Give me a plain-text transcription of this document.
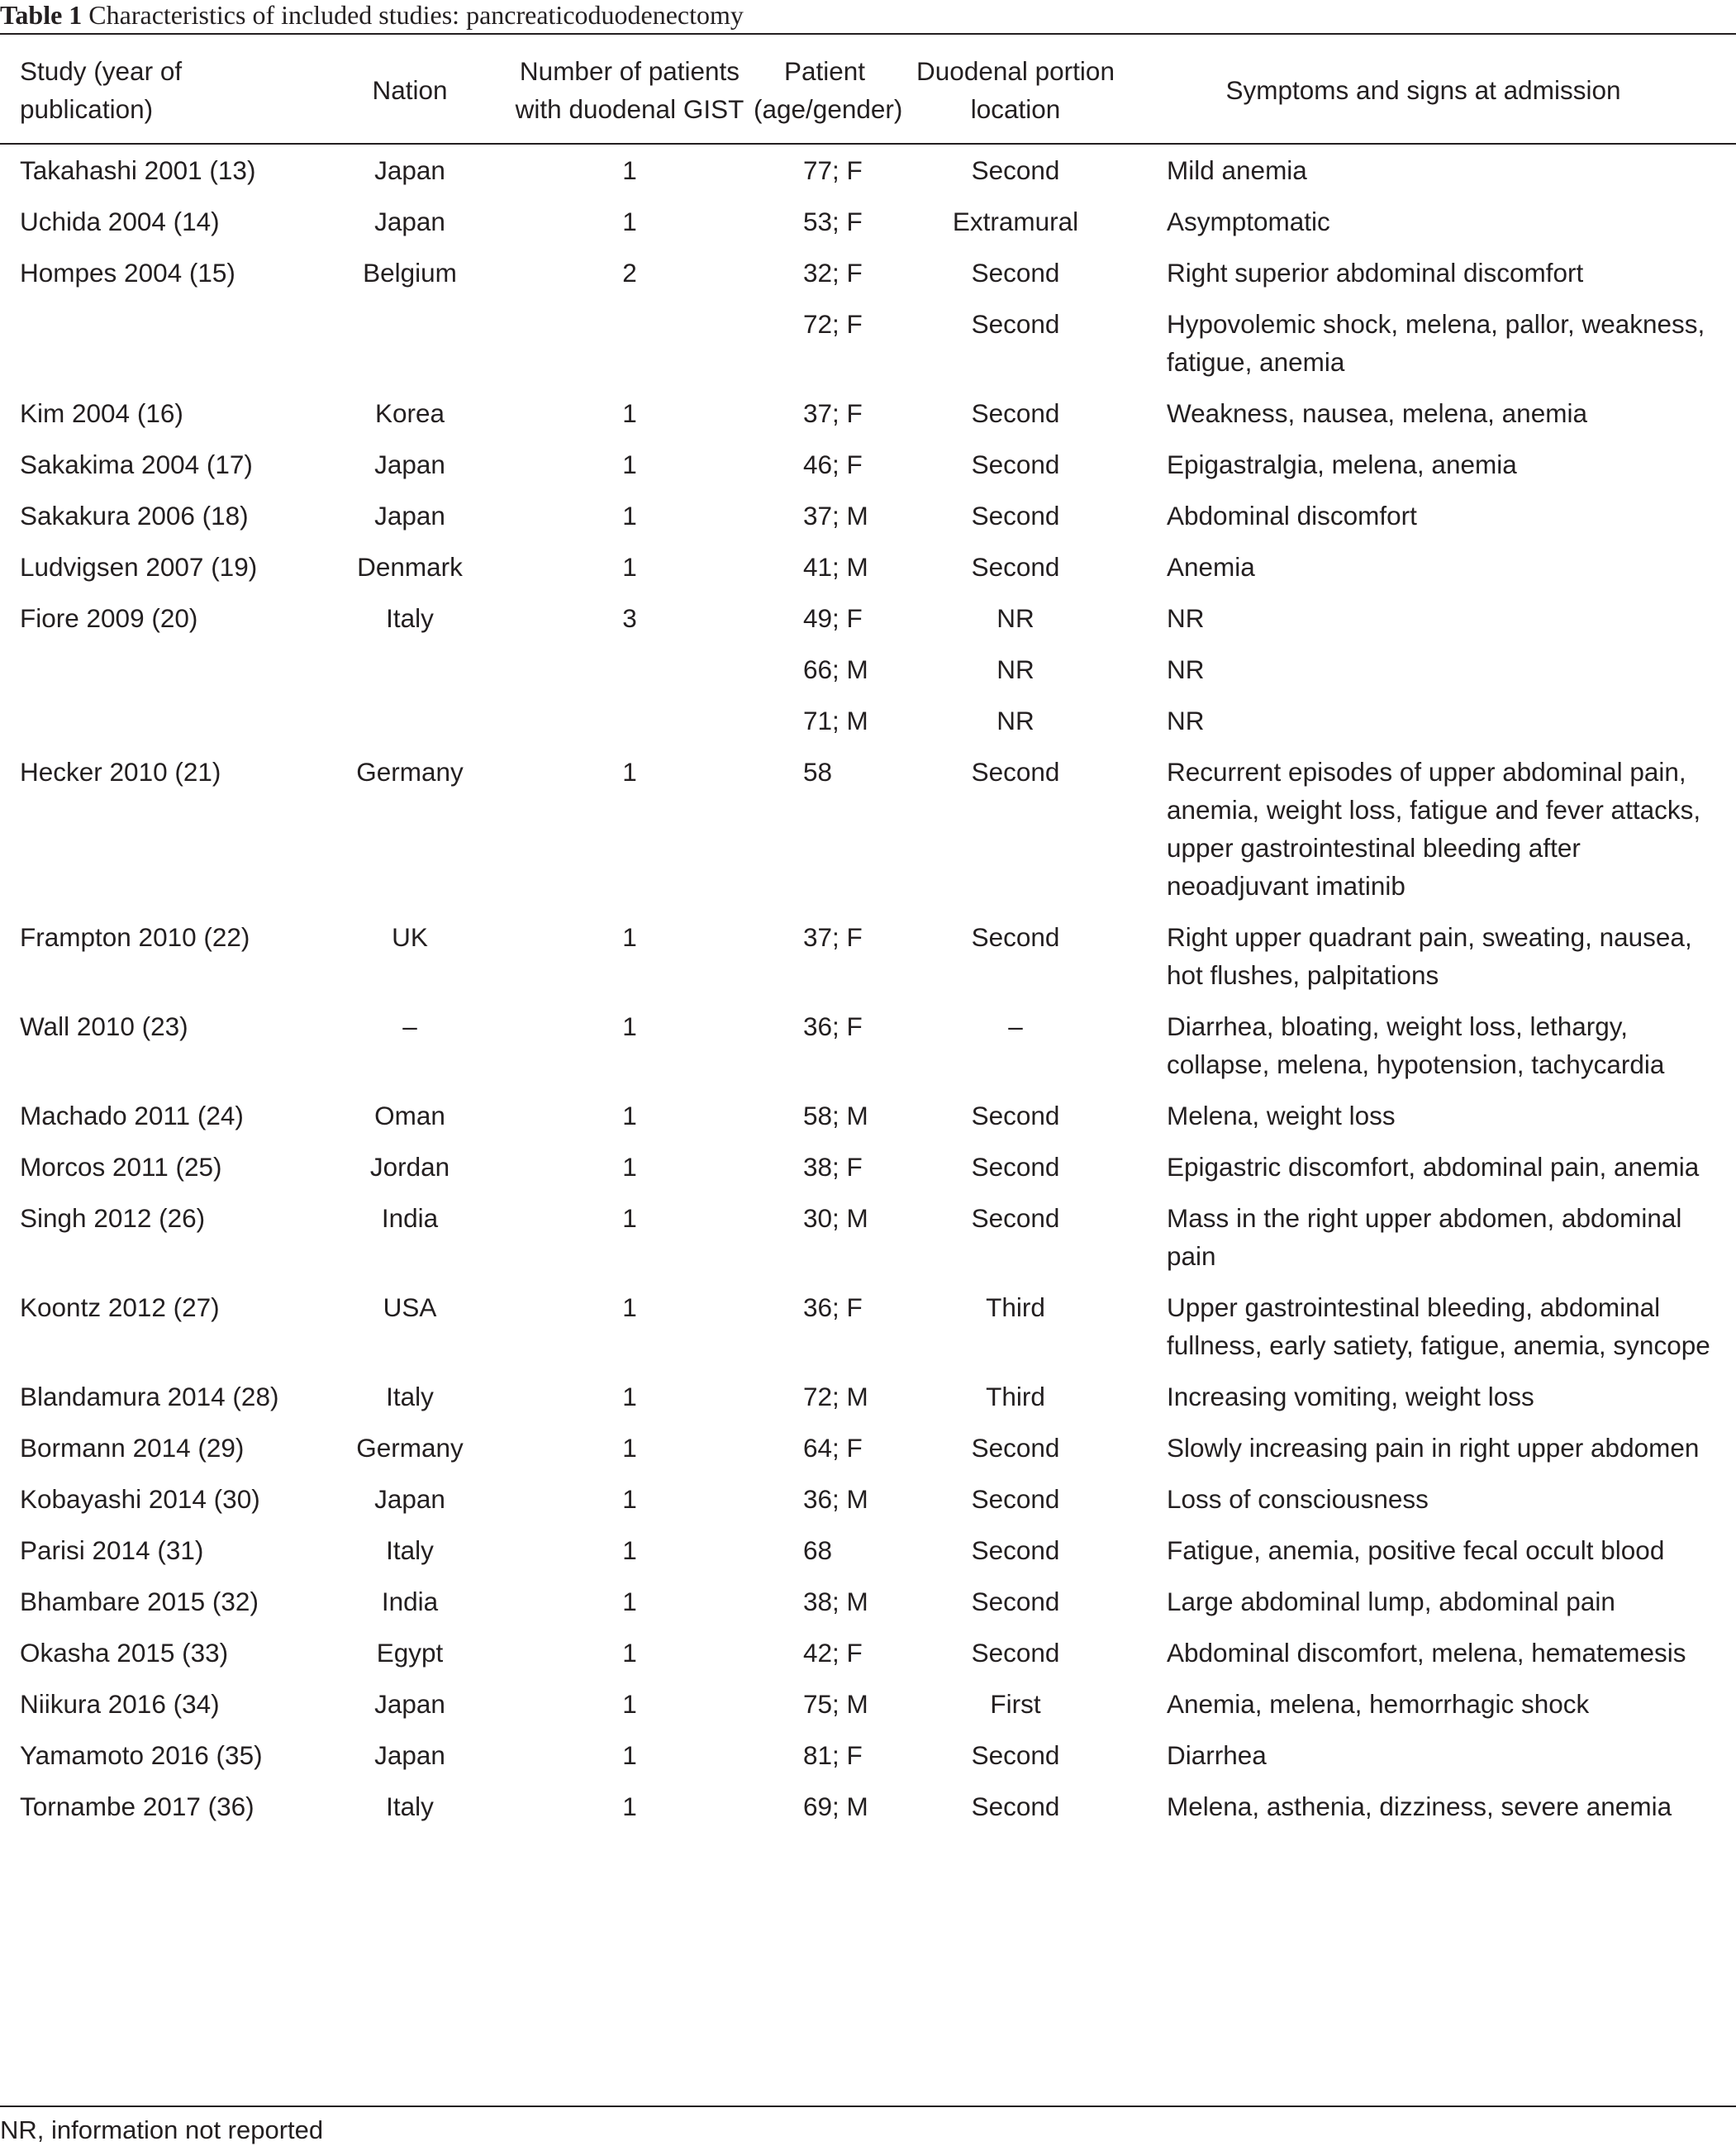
Table 1 Characteristics of included studies: pancreaticoduodenectomy
Study (year of publication)	Nation	Number of patients with duodenal GIST	Patient (age/gender)	Duodenal portion location	Symptoms and signs at admission
Takahashi 2001 (13)	Japan	1	77; F	Second	Mild anemia
Uchida 2004 (14)	Japan	1	53; F	Extramural	Asymptomatic
Hompes 2004 (15)	Belgium	2	32; F	Second	Right superior abdominal discomfort
			72; F	Second	Hypovolemic shock, melena, pallor, weakness, fatigue, anemia
Kim 2004 (16)	Korea	1	37; F	Second	Weakness, nausea, melena, anemia
Sakakima 2004 (17)	Japan	1	46; F	Second	Epigastralgia, melena, anemia
Sakakura 2006 (18)	Japan	1	37; M	Second	Abdominal discomfort
Ludvigsen 2007 (19)	Denmark	1	41; M	Second	Anemia
Fiore 2009 (20)	Italy	3	49; F	NR	NR
			66; M	NR	NR
			71; M	NR	NR
Hecker 2010 (21)	Germany	1	58	Second	Recurrent episodes of upper abdominal pain, anemia, weight loss, fatigue and fever attacks, upper gastrointestinal bleeding after neoadjuvant imatinib
Frampton 2010 (22)	UK	1	37; F	Second	Right upper quadrant pain, sweating, nausea, hot flushes, palpitations
Wall 2010 (23)	–	1	36; F	–	Diarrhea, bloating, weight loss, lethargy, collapse, melena, hypotension, tachycardia
Machado 2011 (24)	Oman	1	58; M	Second	Melena, weight loss
Morcos 2011 (25)	Jordan	1	38; F	Second	Epigastric discomfort, abdominal pain, anemia
Singh 2012 (26)	India	1	30; M	Second	Mass in the right upper abdomen, abdominal pain
Koontz 2012 (27)	USA	1	36; F	Third	Upper gastrointestinal bleeding, abdominal fullness, early satiety, fatigue, anemia, syncope
Blandamura 2014 (28)	Italy	1	72; M	Third	Increasing vomiting, weight loss
Bormann 2014 (29)	Germany	1	64; F	Second	Slowly increasing pain in right upper abdomen
Kobayashi 2014 (30)	Japan	1	36; M	Second	Loss of consciousness
Parisi 2014 (31)	Italy	1	68	Second	Fatigue, anemia, positive fecal occult blood
Bhambare 2015 (32)	India	1	38; M	Second	Large abdominal lump, abdominal pain
Okasha 2015 (33)	Egypt	1	42; F	Second	Abdominal discomfort, melena, hematemesis
Niikura 2016 (34)	Japan	1	75; M	First	Anemia, melena, hemorrhagic shock
Yamamoto 2016 (35)	Japan	1	81; F	Second	Diarrhea
Tornambe 2017 (36)	Italy	1	69; M	Second	Melena, asthenia, dizziness, severe anemia
NR, information not reported
